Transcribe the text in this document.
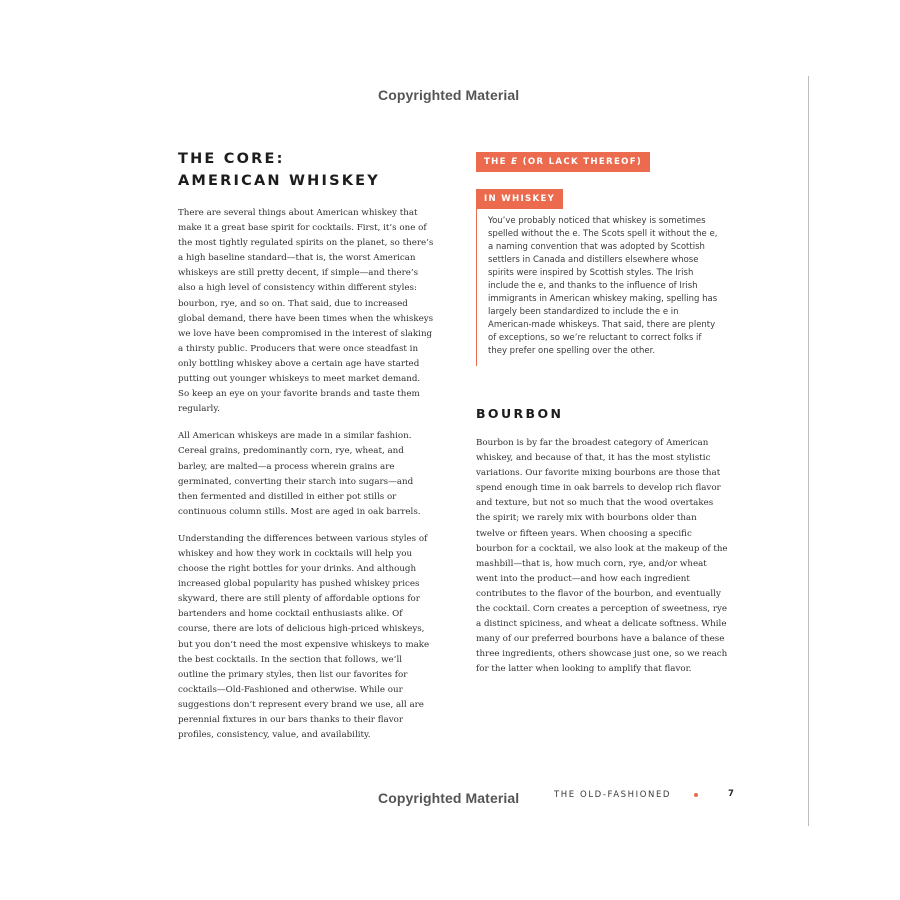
Copyrighted Material
THE CORE:
AMERICAN WHISKEY

There are several things about American whiskey that make it a great base spirit for cocktails. First, it’s one of the most tightly regulated spirits on the planet, so there’s a high baseline standard—that is, the worst American whiskeys are still pretty decent, if simple—and there’s also a high level of consistency within different styles: bourbon, rye, and so on. That said, due to increased global demand, there have been times when the whiskeys we love have been compromised in the interest of slaking a thirsty public. Producers that were once steadfast in only bottling whiskey above a certain age have started putting out younger whiskeys to meet market demand. So keep an eye on your favorite brands and taste them regularly.

All American whiskeys are made in a similar fashion. Cereal grains, predominantly corn, rye, wheat, and barley, are malted—a process wherein grains are germinated, converting their starch into sugars—and then fermented and distilled in either pot stills or continuous column stills. Most are aged in oak barrels.

Understanding the differences between various styles of whiskey and how they work in cocktails will help you choose the right bottles for your drinks. And although increased global popularity has pushed whiskey prices skyward, there are still plenty of affordable options for bartenders and home cocktail enthusiasts alike. Of course, there are lots of delicious high-priced whiskeys, but you don’t need the most expensive whiskeys to make the best cocktails. In the section that follows, we’ll outline the primary styles, then list our favorites for cocktails—Old-Fashioned and otherwise. While our suggestions don’t represent every brand we use, all are perennial fixtures in our bars thanks to their flavor profiles, consistency, value, and availability.

THE E (OR LACK THEREOF)
IN WHISKEY
You’ve probably noticed that whiskey is sometimes spelled without the e. The Scots spell it without the e, a naming convention that was adopted by Scottish settlers in Canada and distillers elsewhere whose spirits were inspired by Scottish styles. The Irish include the e, and thanks to the influence of Irish immigrants in American whiskey making, spelling has largely been standardized to include the e in American-made whiskeys. That said, there are plenty of exceptions, so we’re reluctant to correct folks if they prefer one spelling over the other.
BOURBON

Bourbon is by far the broadest category of American whiskey, and because of that, it has the most stylistic variations. Our favorite mixing bourbons are those that spend enough time in oak barrels to develop rich flavor and texture, but not so much that the wood overtakes the spirit; we rarely mix with bourbons older than twelve or fifteen years. When choosing a specific bourbon for a cocktail, we also look at the makeup of the mashbill—that is, how much corn, rye, and/or wheat went into the product—and how each ingredient contributes to the flavor of the bourbon, and eventually the cocktail. Corn creates a perception of sweetness, rye a distinct spiciness, and wheat a delicate softness. While many of our preferred bourbons have a balance of these three ingredients, others showcase just one, so we reach for the latter when looking to amplify that flavor.

Copyrighted Material	THE OLD-FASHIONED	7
